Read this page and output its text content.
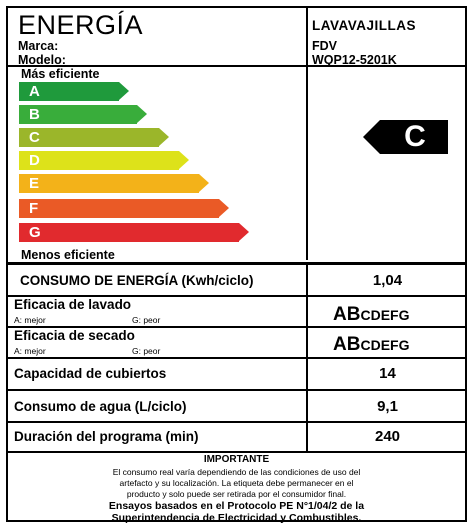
ENERGÍA
Marca:
Modelo:
LAVAVAJILLAS
FDV
WQP12-5201K
Más eficiente
A
B
C
D
E
F
G
Menos eficiente
C
CONSUMO DE ENERGÍA (Kwh/ciclo)	1,04
Eficacia de lavado
A: mejor	G: peor	ABCDEFG
Eficacia de secado
A: mejor	G: peor	ABCDEFG
Capacidad de cubiertos	14
Consumo de agua (L/ciclo)	9,1
Duración del programa (min)	240
IMPORTANTE
El consumo real varía dependiendo de las condiciones de uso del
artefacto y su localización. La etiqueta debe permanecer en el
producto y solo puede ser retirada por el consumidor final.
Ensayos basados en el Protocolo PE N°1/04/2 de la
Superintendencia de Electricidad y Combustibles.
